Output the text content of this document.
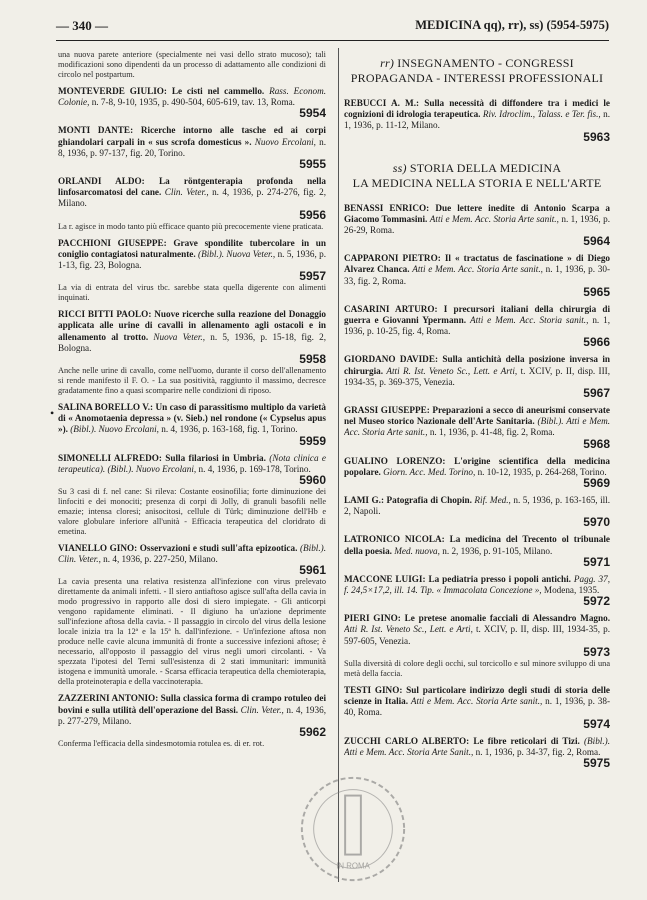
— 340 —	MEDICINA qq), rr), ss) (5954-5975)
•
una nuova parete anteriore (specialmente nei vasi dello strato mucoso); tali modificazioni sono dipendenti da un processo di adattamento alle condizioni di circolo nel postpartum.
MONTEVERDE GIULIO: Le cisti nel cammello. Rass. Econom. Colonie, n. 7-8, 9-10, 1935, p. 490-504, 605-619, tav. 13, Roma.
5954
MONTI DANTE: Ricerche intorno alle tasche ed ai corpi ghiandolari carpali in « sus scrofa domesticus ». Nuovo Ercolani, n. 8, 1936, p. 97-137, fig. 20, Torino.
5955
ORLANDI ALDO: La röntgenterapia profonda nella linfosarcomatosi del cane. Clin. Veter., n. 4, 1936, p. 274-276, fig. 2, Milano.
5956
La r. agisce in modo tanto più efficace quanto più precocemente viene praticata.
PACCHIONI GIUSEPPE: Grave spondilite tubercolare in un coniglio contagiatosi naturalmente. (Bibl.). Nuova Veter., n. 5, 1936, p. 1-13, fig. 23, Bologna.
5957
La via di entrata del virus tbc. sarebbe stata quella digerente con alimenti inquinati.
RICCI BITTI PAOLO: Nuove ricerche sulla reazione del Donaggio applicata alle urine di cavalli in allenamento agli ostacoli e in allenamento al trotto. Nuova Veter., n. 5, 1936, p. 15-18, fig. 2, Bologna.
5958
Anche nelle urine di cavallo, come nell'uomo, durante il corso dell'allenamento si rende manifesto il F. O. - La sua positività, raggiunto il massimo, decresce gradatamente fino a quasi scomparire nelle condizioni di riposo.
SALINA BORELLO V.: Un caso di parassitismo multiplo da varietà di « Anomotaenia depressa » (v. Sieb.) nel rondone (« Cypselus apus »). (Bibl.). Nuovo Ercolani, n. 4, 1936, p. 163-168, fig. 1, Torino.
5959
SIMONELLI ALFREDO: Sulla filariosi in Umbria. (Nota clinica e terapeutica). (Bibl.). Nuovo Ercolani, n. 4, 1936, p. 169-178, Torino.
5960
Su 3 casi di f. nel cane: Si rileva: Costante eosinofilia; forte diminuzione dei linfociti e dei monociti; presenza di corpi di Jolly, di granuli basofili nelle emazie; intensa cloresi; anisocitosi, cellule di Türk; diminuzione dell'Hb e valore globulare inferiore all'unità - Efficacia terapeutica del cloridrato di emetina.
VIANELLO GINO: Osservazioni e studi sull'afta epizootica. (Bibl.). Clin. Veter., n. 4, 1936, p. 227-250, Milano.
5961
La cavia presenta una relativa resistenza all'infezione con virus prelevato direttamente da animali infetti. - Il siero antiaftoso agisce sull'afta della cavia in modo progressivo in rapporto alle dosi di siero impiegate. - Gli anticorpi vengono rapidamente eliminati. - Il digiuno ha un'azione deprimente sull'infezione aftosa della cavia. - Il passaggio in circolo del virus della lesione locale inizia tra la 12ª e la 15ª h. dall'infezione. - Un'infezione aftosa non produce nelle cavie alcuna immunità di fronte a successive infezioni aftose; è necessario, all'opposto il passaggio del virus negli umori circolanti. - Va spezzata l'ipotesi del Terni sull'esistenza di 2 stati immunitari: immunità istogena e immunità umorale. - Scarsa efficacia terapeutica della chemioterapia, della proteinoterapia e della vaccinoterapia.
ZAZZERINI ANTONIO: Sulla classica forma di crampo rotuleo dei bovini e sulla utilità dell'operazione del Bassi. Clin. Veter., n. 4, 1936, p. 277-279, Milano.
5962
Conferma l'efficacia della sindesmotomia rotulea es. di er. rot.
rr) INSEGNAMENTO - CONGRESSI
PROPAGANDA - INTERESSI PROFESSIONALI
REBUCCI A. M.: Sulla necessità di diffondere tra i medici le cognizioni di idrologia terapeutica. Riv. Idroclim., Talass. e Ter. fis., n. 1, 1936, p. 11-12, Milano.
5963
ss) STORIA DELLA MEDICINA
LA MEDICINA NELLA STORIA E NELL'ARTE
BENASSI ENRICO: Due lettere inedite di Antonio Scarpa a Giacomo Tommasini. Atti e Mem. Acc. Storia Arte sanit., n. 1, 1936, p. 26-29, Roma.
5964
CAPPARONI PIETRO: Il « tractatus de fascinatione » di Diego Alvarez Chanca. Atti e Mem. Acc. Storia Arte sanit., n. 1, 1936, p. 30-33, fig. 2, Roma.
5965
CASARINI ARTURO: I precursori italiani della chirurgia di guerra e Giovanni Ypermann. Atti e Mem. Acc. Storia sanit., n. 1, 1936, p. 10-25, fig. 4, Roma.
5966
GIORDANO DAVIDE: Sulla antichità della posizione inversa in chirurgia. Atti R. Ist. Veneto Sc., Lett. e Arti, t. XCIV, p. II, disp. III, 1934-35, p. 369-375, Venezia.
5967
GRASSI GIUSEPPE: Preparazioni a secco di aneurismi conservate nel Museo storico Nazionale dell'Arte Sanitaria. (Bibl.). Atti e Mem. Acc. Storia Arte sanit., n. 1, 1936, p. 41-48, fig. 2, Roma.
5968
GUALINO LORENZO: L'origine scientifica della medicina popolare. Giorn. Acc. Med. Torino, n. 10-12, 1935, p. 264-268, Torino.
5969
LAMI G.: Patografia di Chopin. Rif. Med., n. 5, 1936, p. 163-165, ill. 2, Napoli.
5970
LATRONICO NICOLA: La medicina del Trecento ol tribunale della poesia. Med. nuova, n. 2, 1936, p. 91-105, Milano.
5971
MACCONE LUIGI: La pediatria presso i popoli antichi. Pagg. 37, f. 24,5×17,2, ill. 14. Tip. « Immacolata Concezione », Modena, 1935.
5972
PIERI GINO: Le pretese anomalie facciali di Alessandro Magno. Atti R. Ist. Veneto Sc., Lett. e Arti, t. XCIV, p. II, disp. III, 1934-35, p. 597-605, Venezia.
5973
Sulla diversità di colore degli occhi, sul torcicollo e sul minore sviluppo di una metà della faccia.
TESTI GINO: Sul particolare indirizzo degli studi di storia delle scienze in Italia. Atti e Mem. Acc. Storia Arte sanit., n. 1, 1936, p. 38-40, Roma.
5974
ZUCCHI CARLO ALBERTO: Le fibre reticolari di Tizi. (Bibl.). Atti e Mem. Acc. Storia Arte Sanit., n. 1, 1936, p. 34-37, fig. 2, Roma.
5975
IN ROMA
